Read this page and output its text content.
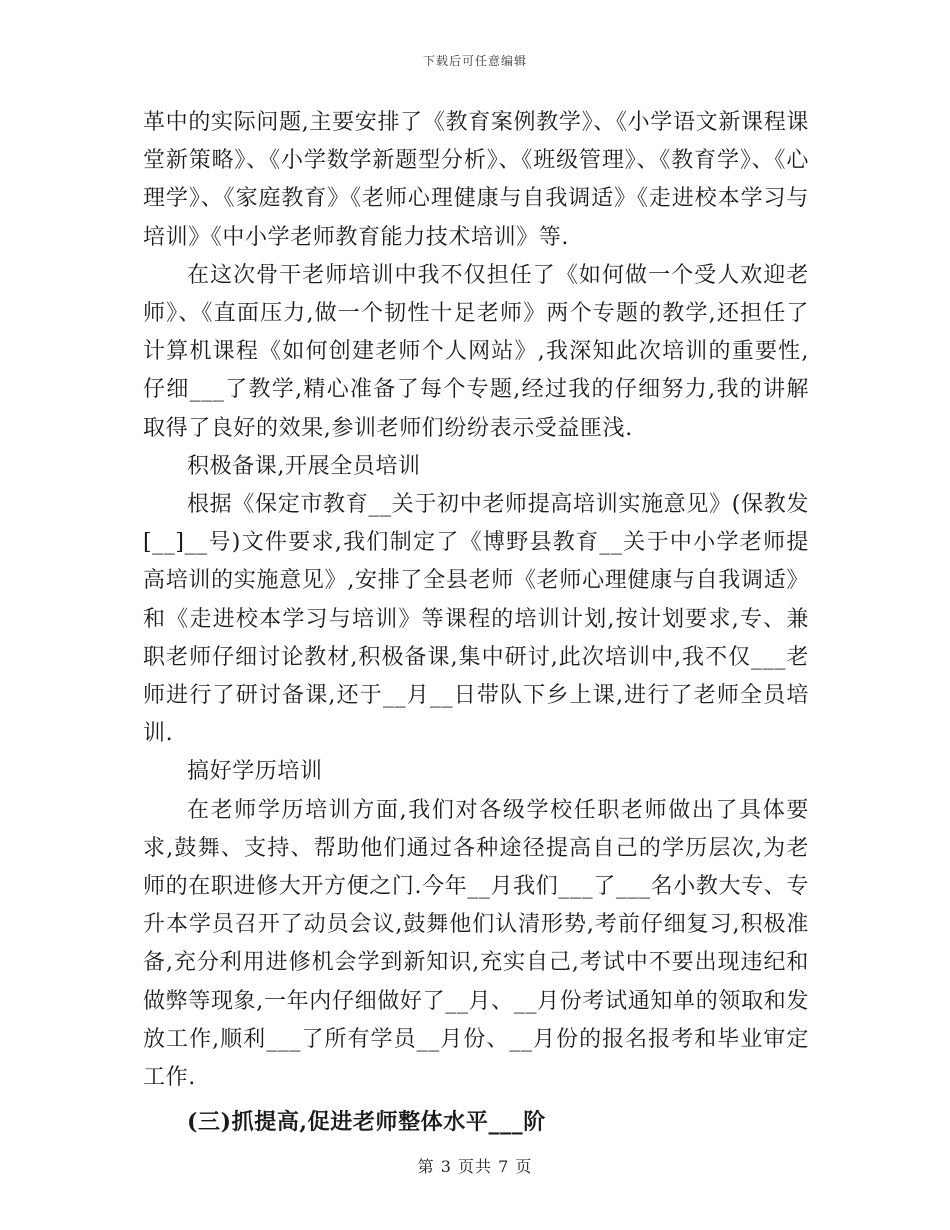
下载后可任意编辑

革中的实际问题,主要安排了《教育案例教学》、《小学语文新课程课堂新策略》、《小学数学新题型分析》、《班级管理》、《教育学》、《心理学》、《家庭教育》《老师心理健康与自我调适》《走进校本学习与培训》《中小学老师教育能力技术培训》等.

在这次骨干老师培训中我不仅担任了《如何做一个受人欢迎老师》、《直面压力,做一个韧性十足老师》两个专题的教学,还担任了计算机课程《如何创建老师个人网站》,我深知此次培训的重要性,仔细___了教学,精心准备了每个专题,经过我的仔细努力,我的讲解取得了良好的效果,参训老师们纷纷表示受益匪浅.

积极备课,开展全员培训

根据《保定市教育__关于初中老师提高培训实施意见》(保教发[__]__号)文件要求,我们制定了《博野县教育__关于中小学老师提高培训的实施意见》,安排了全县老师《老师心理健康与自我调适》和《走进校本学习与培训》等课程的培训计划,按计划要求,专、兼职老师仔细讨论教材,积极备课,集中研讨,此次培训中,我不仅___老师进行了研讨备课,还于__月__日带队下乡上课,进行了老师全员培训.

搞好学历培训

在老师学历培训方面,我们对各级学校任职老师做出了具体要求,鼓舞、支持、帮助他们通过各种途径提高自己的学历层次,为老师的在职进修大开方便之门.今年__月我们___了___名小教大专、专升本学员召开了动员会议,鼓舞他们认清形势,考前仔细复习,积极准备,充分利用进修机会学到新知识,充实自己,考试中不要出现违纪和做弊等现象,一年内仔细做好了__月、__月份考试通知单的领取和发放工作,顺利___了所有学员__月份、__月份的报名报考和毕业审定工作.

(三)抓提高,促进老师整体水平___阶

第 3 页共 7 页
